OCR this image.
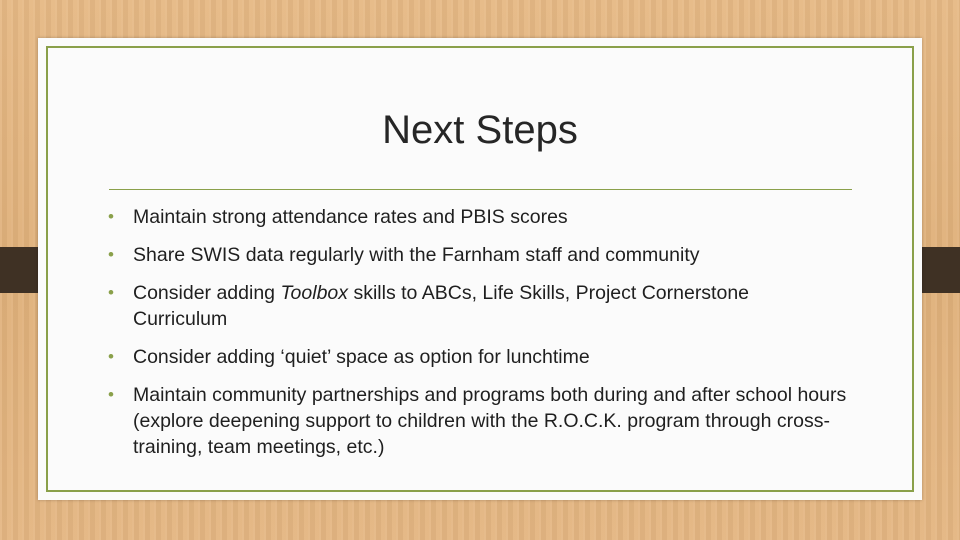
Next Steps
• Maintain strong attendance rates and PBIS scores
• Share SWIS data regularly with the Farnham staff and community
• Consider adding Toolbox skills to ABCs, Life Skills, Project Cornerstone Curriculum
• Consider adding ‘quiet’ space as option for lunchtime
• Maintain community partnerships and programs both during and after school hours (explore deepening support to children with the R.O.C.K. program through cross-training, team meetings, etc.)
